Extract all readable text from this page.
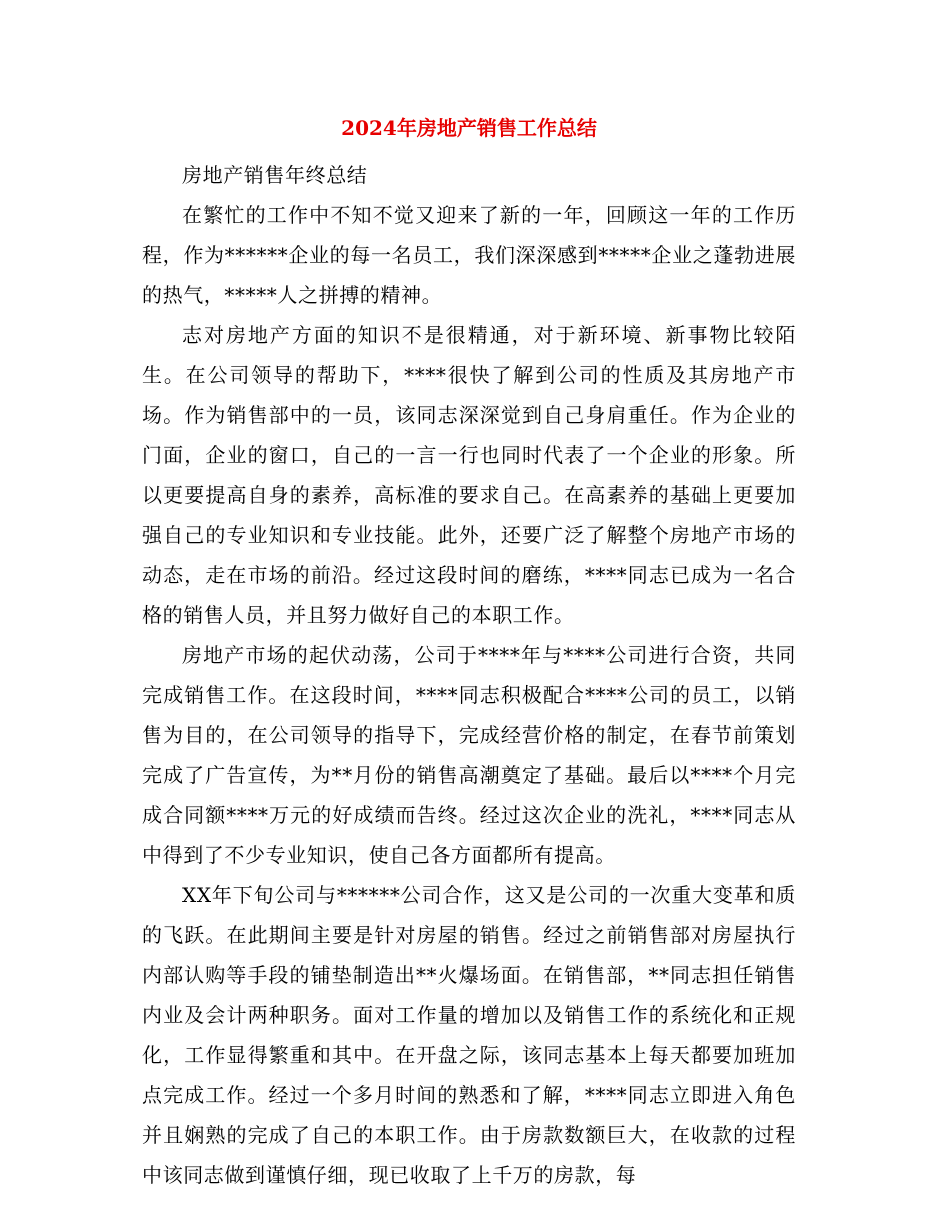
2024年房地产销售工作总结

房地产销售年终总结

在繁忙的工作中不知不觉又迎来了新的一年，回顾这一年的工作历程，作为******企业的每一名员工，我们深深感到*****企业之蓬勃进展的热气，*****人之拼搏的精神。

志对房地产方面的知识不是很精通，对于新环境、新事物比较陌生。在公司领导的帮助下，****很快了解到公司的性质及其房地产市场。作为销售部中的一员，该同志深深觉到自己身肩重任。作为企业的门面，企业的窗口，自己的一言一行也同时代表了一个企业的形象。所以更要提高自身的素养，高标准的要求自己。在高素养的基础上更要加强自己的专业知识和专业技能。此外，还要广泛了解整个房地产市场的动态，走在市场的前沿。经过这段时间的磨练，****同志已成为一名合格的销售人员，并且努力做好自己的本职工作。

房地产市场的起伏动荡，公司于****年与****公司进行合资，共同完成销售工作。在这段时间，****同志积极配合****公司的员工，以销售为目的，在公司领导的指导下，完成经营价格的制定，在春节前策划完成了广告宣传，为**月份的销售高潮奠定了基础。最后以****个月完成合同额****万元的好成绩而告终。经过这次企业的洗礼，****同志从中得到了不少专业知识，使自己各方面都所有提高。

XX年下旬公司与******公司合作，这又是公司的一次重大变革和质的飞跃。在此期间主要是针对房屋的销售。经过之前销售部对房屋执行内部认购等手段的铺垫制造出**火爆场面。在销售部，**同志担任销售内业及会计两种职务。面对工作量的增加以及销售工作的系统化和正规化，工作显得繁重和其中。在开盘之际，该同志基本上每天都要加班加点完成工作。经过一个多月时间的熟悉和了解，****同志立即进入角色并且娴熟的完成了自己的本职工作。由于房款数额巨大，在收款的过程中该同志做到谨慎仔细，现已收取了上千万的房款，每
